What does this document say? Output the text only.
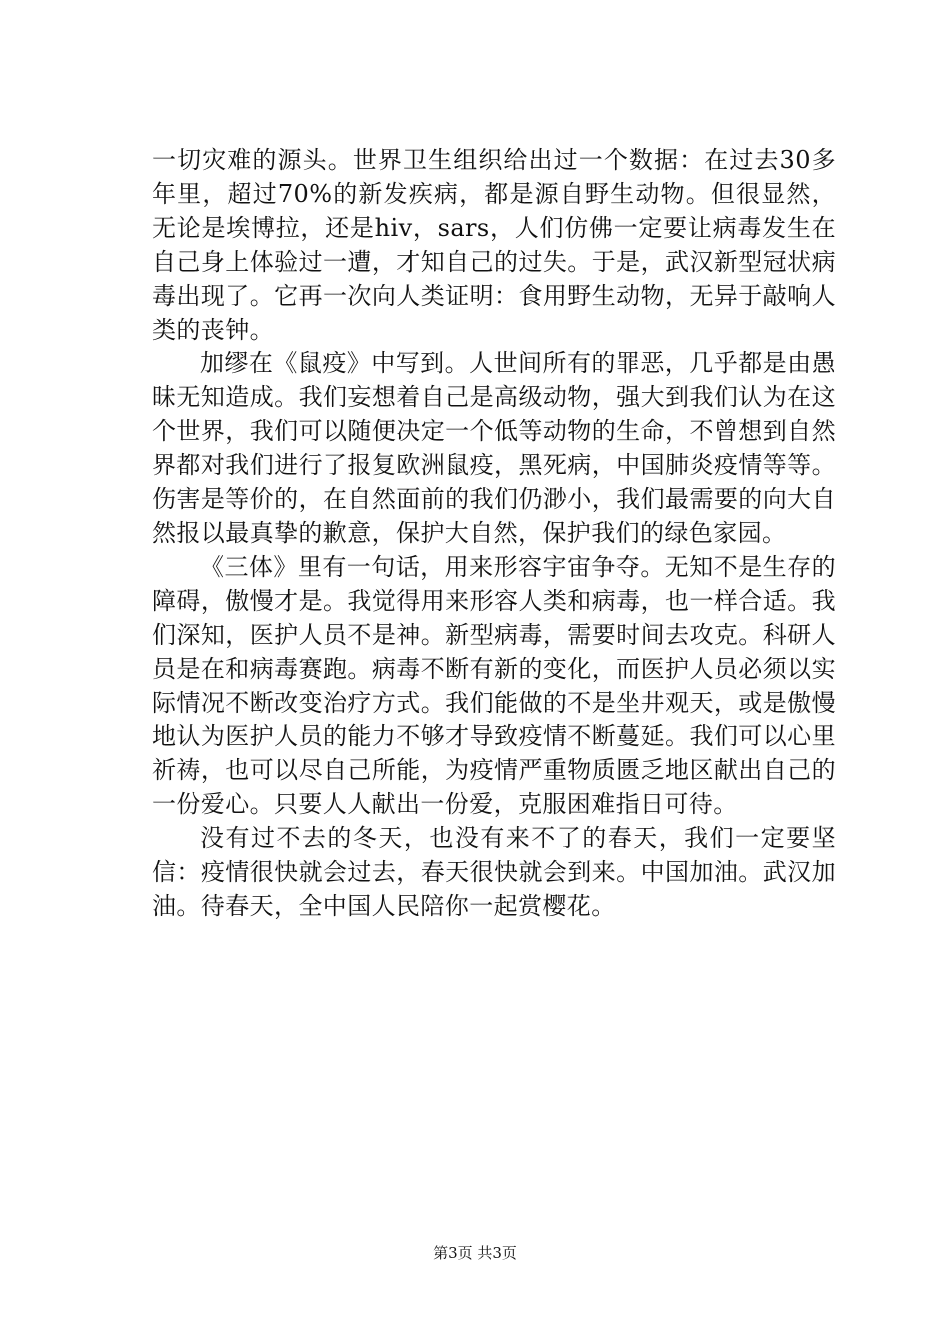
一切灾难的源头。世界卫生组织给出过一个数据：在过去30多年里，超过70%的新发疾病，都是源自野生动物。但很显然，无论是埃博拉，还是hiv，sars，人们仿佛一定要让病毒发生在自己身上体验过一遭，才知自己的过失。于是，武汉新型冠状病毒出现了。它再一次向人类证明：食用野生动物，无异于敲响人类的丧钟。

加缪在《鼠疫》中写到。人世间所有的罪恶，几乎都是由愚昧无知造成。我们妄想着自己是高级动物，强大到我们认为在这个世界，我们可以随便决定一个低等动物的生命，不曾想到自然界都对我们进行了报复欧洲鼠疫，黑死病，中国肺炎疫情等等。伤害是等价的，在自然面前的我们仍渺小，我们最需要的向大自然报以最真挚的歉意，保护大自然，保护我们的绿色家园。

《三体》里有一句话，用来形容宇宙争夺。无知不是生存的障碍，傲慢才是。我觉得用来形容人类和病毒，也一样合适。我们深知，医护人员不是神。新型病毒，需要时间去攻克。科研人员是在和病毒赛跑。病毒不断有新的变化，而医护人员必须以实际情况不断改变治疗方式。我们能做的不是坐井观天，或是傲慢地认为医护人员的能力不够才导致疫情不断蔓延。我们可以心里祈祷，也可以尽自己所能，为疫情严重物质匮乏地区献出自己的一份爱心。只要人人献出一份爱，克服困难指日可待。

没有过不去的冬天，也没有来不了的春天，我们一定要坚信：疫情很快就会过去，春天很快就会到来。中国加油。武汉加油。待春天，全中国人民陪你一起赏樱花。

第3页 共3页
